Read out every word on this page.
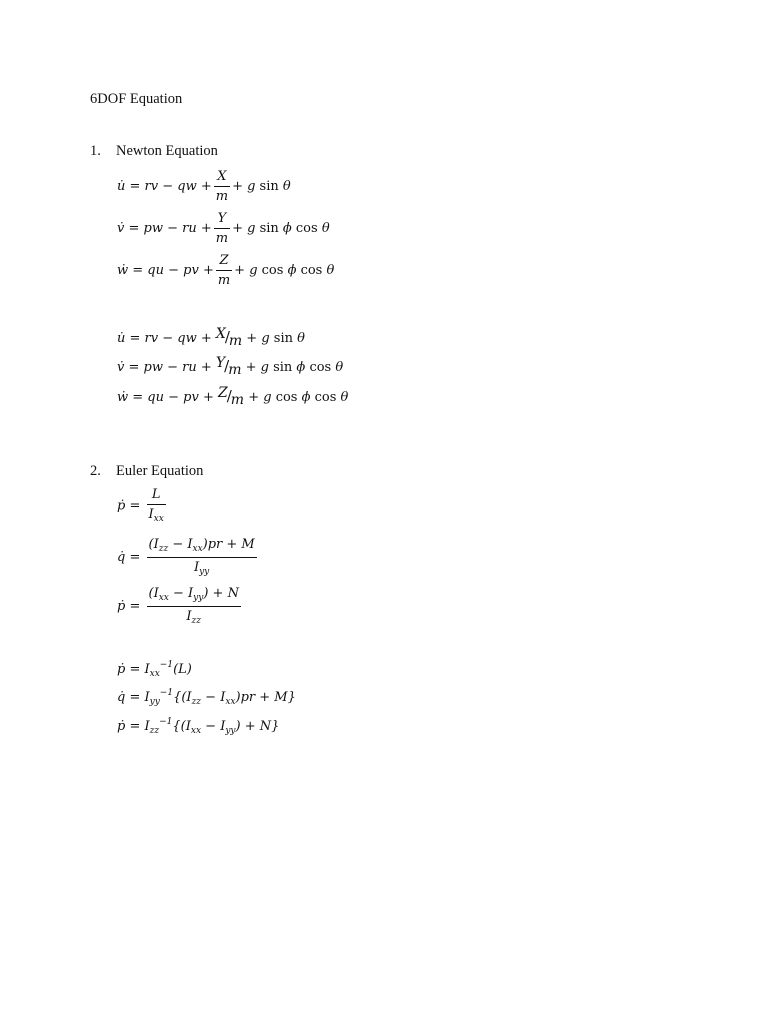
6DOF Equation
1. Newton Equation
u̇ = rv − qw + $\frac{X}{m} + g$ sin θ
v̇ = pw − ru + $\frac{Y}{m} + g$ sin ϕ cos θ
ẇ = qu − pv + $\frac{Z}{m} + g$ cos ϕ cos θ
u̇ = rv − qw + X/m + g sin θ
v̇ = pw − ru + Y/m + g sin ϕ cos θ
ẇ = qu − pv + Z/m + g cos ϕ cos θ
2. Euler Equation
ṗ = $\frac{L}{I_{xx}}$
q̇ = $\frac{(I_{zz} - I_{xx})pr + M}{I_{yy}}$
ṗ = $\frac{(I_{xx} - I_{yy}) + N}{I_{zz}}$
ṗ = $I_{xx}^{-1}(L)$
q̇ = $I_{yy}^{-1}\{(I_{zz} - I_{xx})pr + M\}$
ṗ = $I_{zz}^{-1}\{(I_{xx} - I_{yy}) + N\}$
